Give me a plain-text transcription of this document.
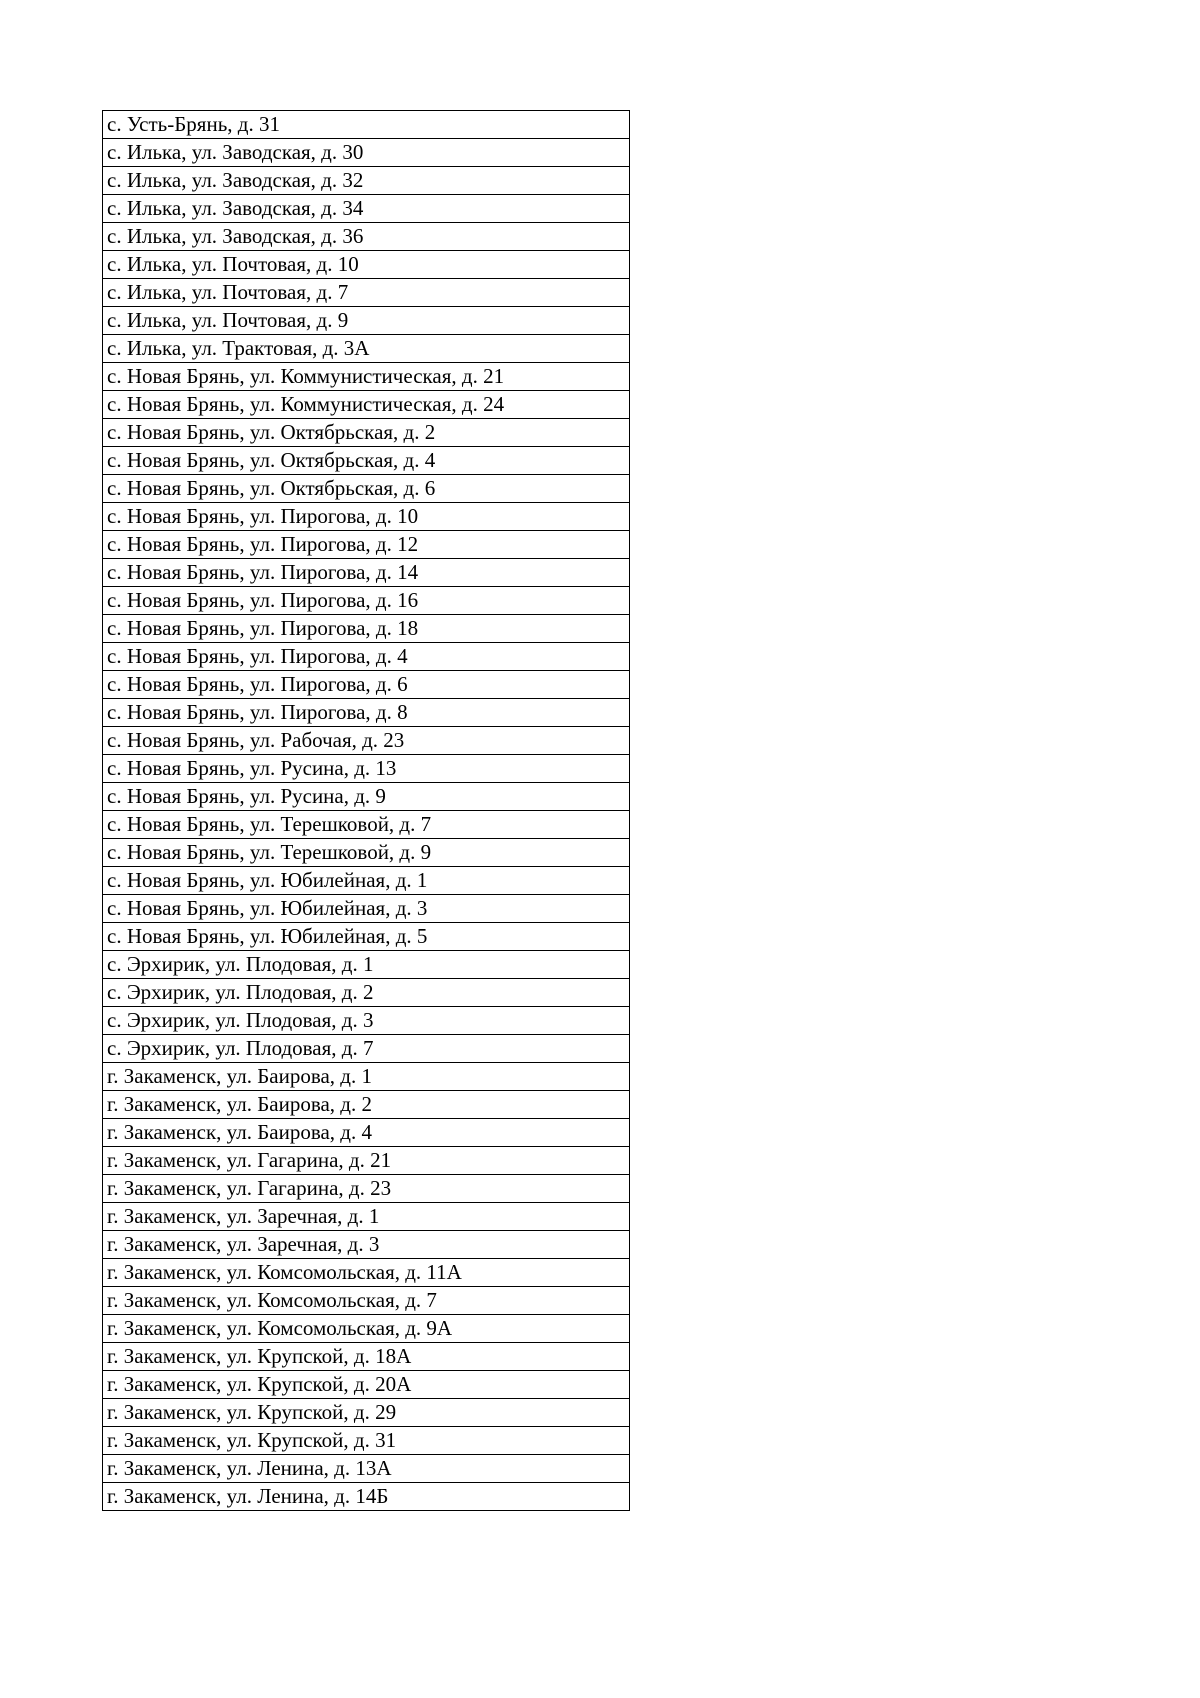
с. Усть-Брянь, д. 31
с. Илька, ул. Заводская, д. 30
с. Илька, ул. Заводская, д. 32
с. Илька, ул. Заводская, д. 34
с. Илька, ул. Заводская, д. 36
с. Илька, ул. Почтовая, д. 10
с. Илька, ул. Почтовая, д. 7
с. Илька, ул. Почтовая, д. 9
с. Илька, ул. Трактовая, д. 3А
с. Новая Брянь, ул. Коммунистическая, д. 21
с. Новая Брянь, ул. Коммунистическая, д. 24
с. Новая Брянь, ул. Октябрьская, д. 2
с. Новая Брянь, ул. Октябрьская, д. 4
с. Новая Брянь, ул. Октябрьская, д. 6
с. Новая Брянь, ул. Пирогова, д. 10
с. Новая Брянь, ул. Пирогова, д. 12
с. Новая Брянь, ул. Пирогова, д. 14
с. Новая Брянь, ул. Пирогова, д. 16
с. Новая Брянь, ул. Пирогова, д. 18
с. Новая Брянь, ул. Пирогова, д. 4
с. Новая Брянь, ул. Пирогова, д. 6
с. Новая Брянь, ул. Пирогова, д. 8
с. Новая Брянь, ул. Рабочая, д. 23
с. Новая Брянь, ул. Русина, д. 13
с. Новая Брянь, ул. Русина, д. 9
с. Новая Брянь, ул. Терешковой, д. 7
с. Новая Брянь, ул. Терешковой, д. 9
с. Новая Брянь, ул. Юбилейная, д. 1
с. Новая Брянь, ул. Юбилейная, д. 3
с. Новая Брянь, ул. Юбилейная, д. 5
с. Эрхирик, ул. Плодовая, д. 1
с. Эрхирик, ул. Плодовая, д. 2
с. Эрхирик, ул. Плодовая, д. 3
с. Эрхирик, ул. Плодовая, д. 7
г. Закаменск, ул. Баирова, д. 1
г. Закаменск, ул. Баирова, д. 2
г. Закаменск, ул. Баирова, д. 4
г. Закаменск, ул. Гагарина, д. 21
г. Закаменск, ул. Гагарина, д. 23
г. Закаменск, ул. Заречная, д. 1
г. Закаменск, ул. Заречная, д. 3
г. Закаменск, ул. Комсомольская, д. 11А
г. Закаменск, ул. Комсомольская, д. 7
г. Закаменск, ул. Комсомольская, д. 9А
г. Закаменск, ул. Крупской, д. 18А
г. Закаменск, ул. Крупской, д. 20А
г. Закаменск, ул. Крупской, д. 29
г. Закаменск, ул. Крупской, д. 31
г. Закаменск, ул. Ленина, д. 13А
г. Закаменск, ул. Ленина, д. 14Б
